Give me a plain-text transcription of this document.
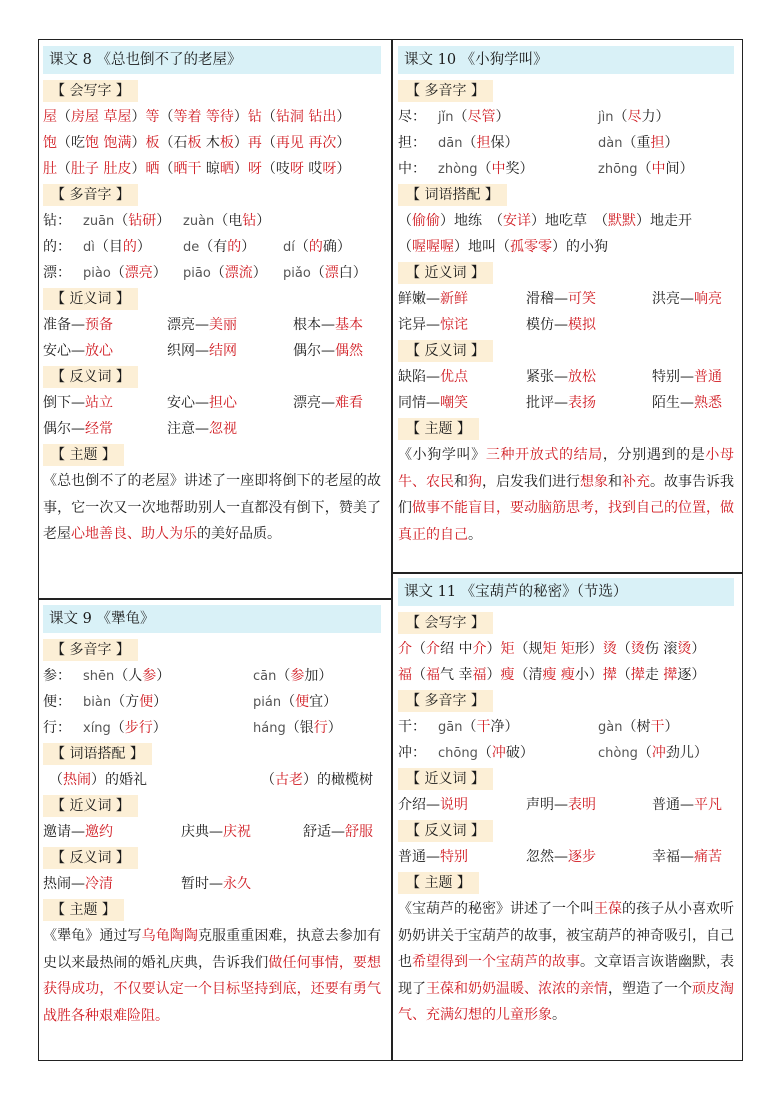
课文 8 《总也倒不了的老屋》
【 会写字 】
屋（房屋 草屋）等（等着 等待）钻（钻洞 钻出）
饱（吃饱 饱满）板（石板 木板）再（再见 再次）
肚（肚子 肚皮）晒（晒干 晾晒）呀（吱呀 哎呀）
【 多音字 】
钻： zuān（钻研） zuàn（电钻）
的： dì（目的） de（有的） dí（的确）
漂： piào（漂亮） piāo（漂流） piǎo（漂白）
【 近义词 】
准备—预备	漂亮—美丽	根本—基本
安心—放心	织网—结网	偶尔—偶然
【 反义词 】
倒下—站立	安心—担心	漂亮—难看
偶尔—经常	注意—忽视
【 主题 】
《总也倒不了的老屋》讲述了一座即将倒下的老屋的故事，它一次又一次地帮助别人一直都没有倒下，赞美了老屋心地善良、助人为乐的美好品质。
课文 9 《犟龟》
【 多音字 】
参： shēn（人参）	cān（参加）
便： biàn（方便）	pián（便宜）
行： xíng（步行）	háng（银行）
【 词语搭配 】
（热闹）的婚礼	（古老）的橄榄树
【 近义词 】
邀请—邀约	庆典—庆祝	舒适—舒服
【 反义词 】
热闹—冷清	暂时—永久
【 主题 】
《犟龟》通过写乌龟陶陶克服重重困难，执意去参加有史以来最热闹的婚礼庆典，告诉我们做任何事情，要想获得成功，不仅要认定一个目标坚持到底，还要有勇气战胜各种艰难险阻。
课文 10 《小狗学叫》
【 多音字 】
尽： jǐn（尽管）	jìn（尽力）
担： dān（担保）	dàn（重担）
中： zhòng（中奖）	zhōng（中间）
【 词语搭配 】
（偷偷）地练　（安详）地吃草　（默默）地走开
（喔喔喔）地叫（孤零零）的小狗
【 近义词 】
鲜嫩—新鲜	滑稽—可笑	洪亮—响亮
诧异—惊诧	模仿—模拟
【 反义词 】
缺陷—优点	紧张—放松	特别—普通
同情—嘲笑	批评—表扬	陌生—熟悉
【 主题 】
《小狗学叫》三种开放式的结局，分别遇到的是小母牛、农民和狗，启发我们进行想象和补充。故事告诉我们做事不能盲目，要动脑筋思考，找到自己的位置，做真正的自己。
课文 11 《宝葫芦的秘密》（节选）
【 会写字 】
介（介绍 中介）矩（规矩 矩形）烫（烫伤 滚烫）
福（福气 幸福）瘦（清瘦 瘦小）撵（撵走 撵逐）
【 多音字 】
干： gān（干净）	gàn（树干）
冲： chōng（冲破）	chòng（冲劲儿）
【 近义词 】
介绍—说明	声明—表明	普通—平凡
【 反义词 】
普通—特别	忽然—逐步	幸福—痛苦
【 主题 】
《宝葫芦的秘密》讲述了一个叫王葆的孩子从小喜欢听奶奶讲关于宝葫芦的故事，被宝葫芦的神奇吸引，自己也希望得到一个宝葫芦的故事。文章语言诙谐幽默，表现了王葆和奶奶温暖、浓浓的亲情，塑造了一个顽皮淘气、充满幻想的儿童形象。
